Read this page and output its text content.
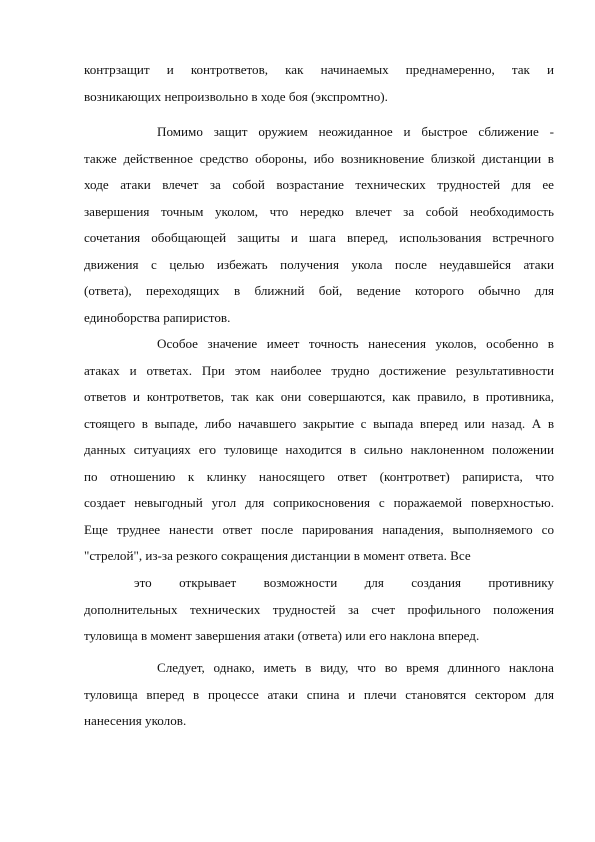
контрзащит и контрответов, как начинаемых преднамеренно, так и
возникающих непроизвольно в ходе боя (экспромтно).
Помимо защит оружием неожиданное и быстрое сближение -
также действенное средство обороны, ибо возникновение близкой дистанции в
ходе атаки влечет за собой возрастание технических трудностей для ее
завершения точным уколом, что нередко влечет за собой необходимость
сочетания обобщающей защиты и шага вперед, использования встречного
движения с целью избежать получения укола после неудавшейся атаки
(ответа), переходящих в ближний бой, ведение которого обычно для
единоборства рапиристов.
Особое значение имеет точность нанесения уколов, особенно в
атаках и ответах. При этом наиболее трудно достижение результативности
ответов и контрответов, так как они совершаются, как правило, в противника,
стоящего в выпаде, либо начавшего закрытие с выпада вперед или назад. А в
данных ситуациях его туловище находится в сильно наклоненном положении
по отношению к клинку наносящего ответ (контрответ) рапириста, что
создает невыгодный угол для соприкосновения с поражаемой поверхностью.
Еще труднее нанести ответ после парирования нападения, выполняемого со
"стрелой", из-за резкого сокращения дистанции в момент ответа. Все
это открывает возможности для создания противнику
дополнительных технических трудностей за счет профильного положения
туловища в момент завершения атаки (ответа) или его наклона вперед.
Следует, однако, иметь в виду, что во время длинного наклона
туловища вперед в процессе атаки спина и плечи становятся сектором для
нанесения уколов.
